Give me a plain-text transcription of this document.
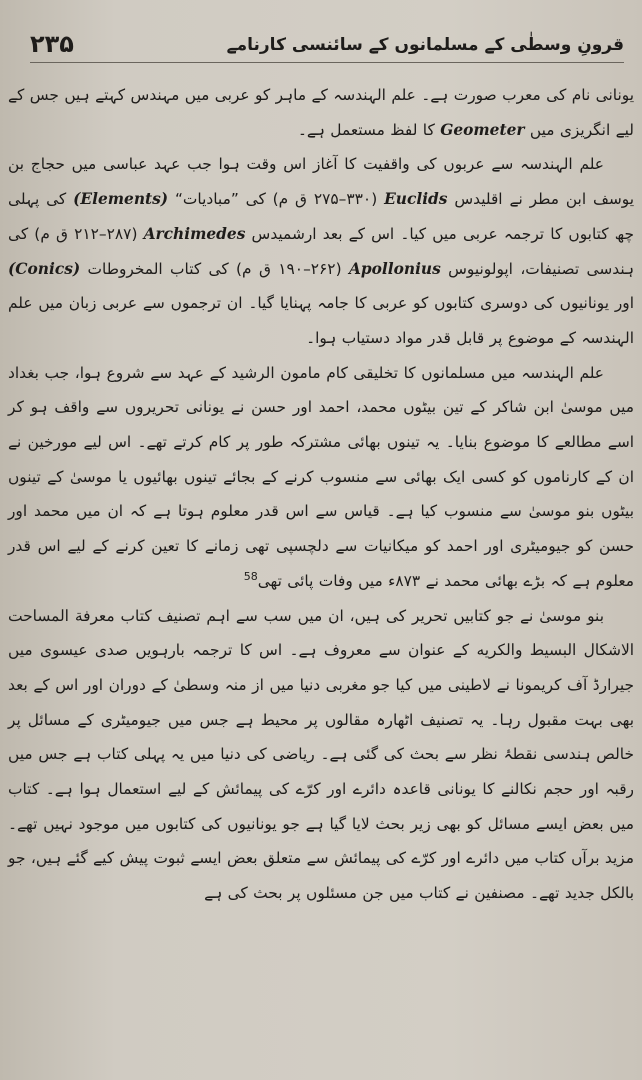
قرونِ وسطٰی کے مسلمانوں کے سائنسی کارنامے
۲۳۵

یونانی نام کی معرب صورت ہے۔ علم الہندسہ کے ماہر کو عربی میں مہندس کہتے ہیں جس کے لیے انگریزی میں Geometer کا لفظ مستعمل ہے۔

علم الہندسہ سے عربوں کی واقفیت کا آغاز اس وقت ہوا جب عہد عباسی میں حجاج بن یوسف ابن مطر نے اقلیدس Euclids (۳۳۰–۲۷۵ ق م) کی ”مبادیات“ (Elements) کی پہلی چھ کتابوں کا ترجمہ عربی میں کیا۔ اس کے بعد ارشمیدس Archimedes (۲۸۷–۲۱۲ ق م) کی ہندسی تصنیفات، اپولونیوس Apollonius (۲۶۲–۱۹۰ ق م) کی کتاب المخروطات (Conics) اور یونانیوں کی دوسری کتابوں کو عربی کا جامہ پہنایا گیا۔ ان ترجموں سے عربی زبان میں علم الہندسہ کے موضوع پر قابل قدر مواد دستیاب ہوا۔

علم الہندسہ میں مسلمانوں کا تخلیقی کام مامون الرشید کے عہد سے شروع ہوا، جب بغداد میں موسیٰ ابن شاکر کے تین بیٹوں محمد، احمد اور حسن نے یونانی تحریروں سے واقف ہو کر اسے مطالعے کا موضوع بنایا۔ یہ تینوں بھائی مشترکہ طور پر کام کرتے تھے۔ اس لیے مورخین نے ان کے کارناموں کو کسی ایک بھائی سے منسوب کرنے کے بجائے تینوں بھائیوں یا موسیٰ کے تینوں بیٹوں بنو موسیٰ سے منسوب کیا ہے۔ قیاس سے اس قدر معلوم ہوتا ہے کہ ان میں محمد اور حسن کو جیومیٹری اور احمد کو میکانیات سے دلچسپی تھی زمانے کا تعین کرنے کے لیے اس قدر معلوم ہے کہ بڑے بھائی محمد نے ۸۷۳ء میں وفات پائی تھی$^{58}$

بنو موسیٰ نے جو کتابیں تحریر کی ہیں، ان میں سب سے اہم تصنیف کتاب معرفة المساحت الاشكال البسيط والكريه کے عنوان سے معروف ہے۔ اس کا ترجمہ بارہویں صدی عیسوی میں جیرارڈ آف کریمونا نے لاطینی میں کیا جو مغربی دنیا میں از منہ وسطیٰ کے دوران اور اس کے بعد بھی بہت مقبول رہا۔ یہ تصنیف اٹھارہ مقالوں پر محیط ہے جس میں جیومیٹری کے مسائل پر خالص ہندسی نقطۂ نظر سے بحث کی گئی ہے۔ ریاضی کی دنیا میں یہ پہلی کتاب ہے جس میں رقبہ اور حجم نکالنے کا یونانی قاعدہ دائرے اور کرّے کی پیمائش کے لیے استعمال ہوا ہے۔ کتاب میں بعض ایسے مسائل کو بھی زیر بحث لایا گیا ہے جو یونانیوں کی کتابوں میں موجود نہیں تھے۔ مزید برآں کتاب میں دائرے اور کرّے کی پیمائش سے متعلق بعض ایسے ثبوت پیش کیے گئے ہیں، جو بالکل جدید تھے۔ مصنفین نے کتاب میں جن مسئلوں پر بحث کی ہے
